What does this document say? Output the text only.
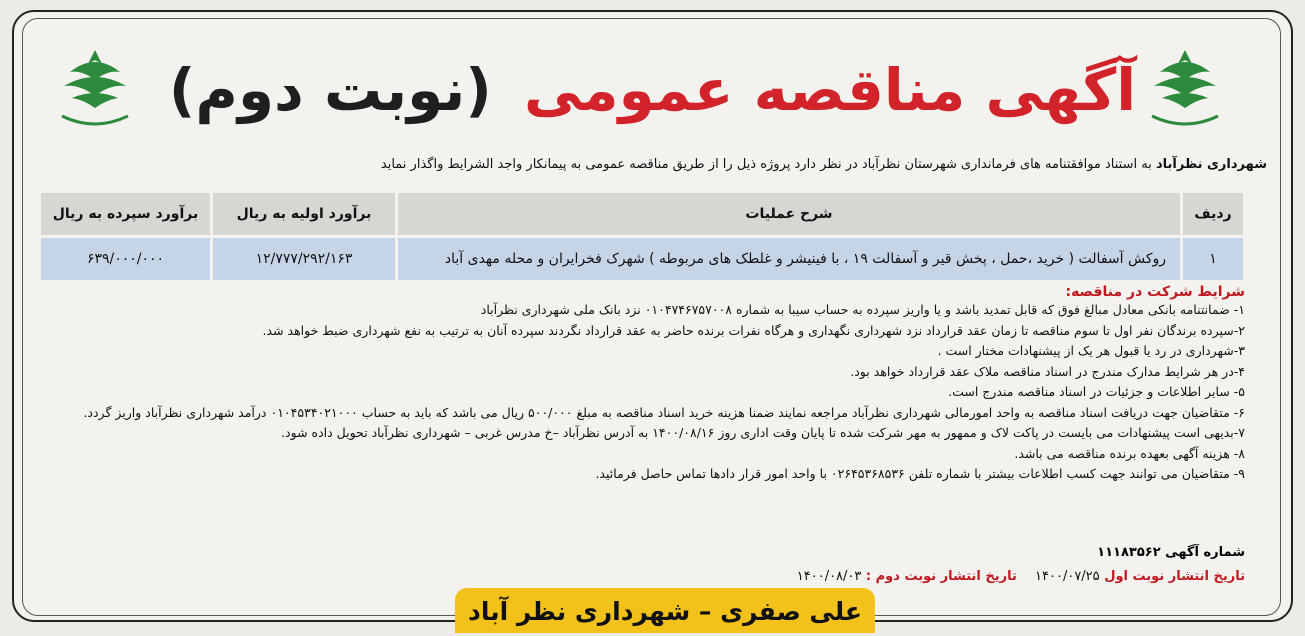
آگهی مناقصه عمومی (نوبت دوم)
شهرداری نظرآباد به استناد موافقتنامه های فرمانداری شهرستان نظرآباد در نظر دارد پروژه ذیل را از طریق مناقصه عمومی به پیمانکار واجد الشرایط واگذار نماید
ردیف	شرح عملیات	برآورد اولیه به ریال	برآورد سپرده به ریال
۱	روکش آسفالت ( خرید ،حمل ، پخش قیر و آسفالت ۱۹ ، با فینیشر و غلطک های مربوطه ) شهرک فخرایران و محله مهدی آباد	۱۲/۷۷۷/۲۹۲/۱۶۳	۶۳۹/۰۰۰/۰۰۰
شرایط شرکت در مناقصه:
۱- ضمانتنامه بانکی معادل مبالغ فوق که قابل تمدید باشد و یا واریز سپرده به حساب سیبا به شماره ۰۱۰۴۷۴۶۷۵۷۰۰۸ نزد بانک ملی شهرداری نظرآباد
۲-سپرده برندگان نفر اول تا سوم مناقصه تا زمان عقد قرارداد نزد شهرداری نگهداری و هرگاه نفرات برنده حاضر به عقد قرارداد نگردند سپرده آنان به ترتیب به نفع شهرداری ضبط خواهد شد.
۳-شهرداری در رد یا قبول هر یک از پیشنهادات مختار است .
۴-در هر شرایط مدارک مندرج در اسناد مناقصه ملاک عقد قرارداد خواهد بود.
۵- سایر اطلاعات و جزئیات در اسناد مناقصه مندرج است.
۶- متقاضیان جهت دریافت اسناد مناقصه به واحد امورمالی شهرداری نظرآباد مراجعه نمایند ضمنا هزینه خرید اسناد مناقصه به مبلغ ۵۰۰/۰۰۰ ریال می باشد که باید به حساب ۰۱۰۴۵۳۴۰۲۱۰۰۰ درآمد شهرداری نظرآباد واریز گردد.
۷-بدیهی است پیشنهادات می بایست در پاکت لاک و ممهور به مهر شرکت شده تا پایان وقت اداری روز ۱۴۰۰/۰۸/۱۶ به آدرس نظرآباد –خ مدرس غربی – شهرداری نظرآباد تحویل داده شود.
۸- هزینه آگهی بعهده برنده مناقصه می باشد.
۹- متقاضیان می توانند جهت کسب اطلاعات بیشتر با شماره تلفن ۰۲۶۴۵۳۶۸۵۳۶ با واحد امور قرار دادها تماس حاصل فرمائید.
شماره آگهی ۱۱۱۸۳۵۶۲
تاریخ انتشار نوبت اول ۱۴۰۰/۰۷/۲۵    تاریخ انتشار نوبت دوم : ۱۴۰۰/۰۸/۰۳
علی صفری – شهرداری نظر آباد
